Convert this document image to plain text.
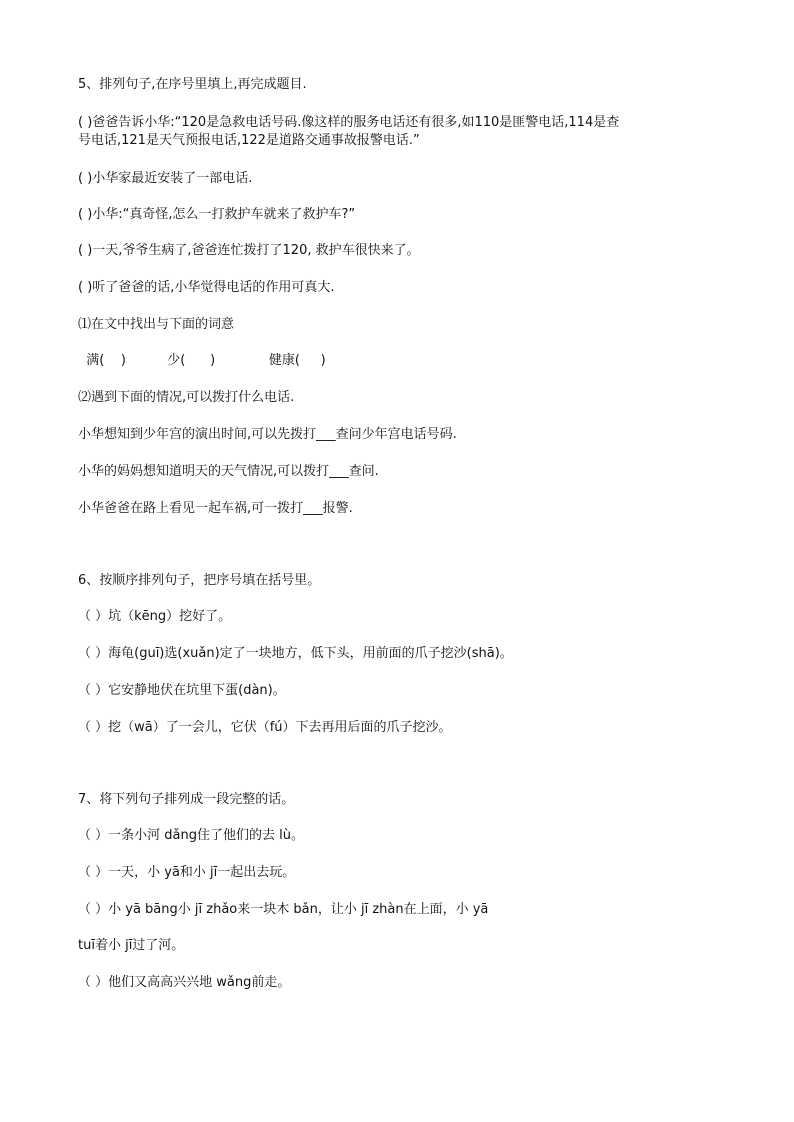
5、排列句子,在序号里填上,再完成题目.
( )爸爸告诉小华:“120是急救电话号码.像这样的服务电话还有很多,如110是匪警电话,114是查
号电话,121是天气预报电话,122是道路交通事故报警电话.”
( )小华家最近安装了一部电话.
( )小华:“真奇怪,怎么一打救护车就来了救护车?”
( )一天,爷爷生病了,爸爸连忙拨打了120, 救护车很快来了。
( )听了爸爸的话,小华觉得电话的作用可真大.
⑴在文中找出与下面的词意
满(    )          少(      )             健康(     )
⑵遇到下面的情况,可以拨打什么电话.
小华想知到少年宫的演出时间,可以先拨打___查问少年宫电话号码.
小华的妈妈想知道明天的天气情况,可以拨打___查问.
小华爸爸在路上看见一起车祸,可一拨打___报警.
6、按顺序排列句子，把序号填在括号里。
（ ）坑（kēng）挖好了。
（ ）海龟(guī)选(xuǎn)定了一块地方，低下头，用前面的爪子挖沙(shā)。
（ ）它安静地伏在坑里下蛋(dàn)。
（ ）挖（wā）了一会儿，它伏（fú）下去再用后面的爪子挖沙。
7、将下列句子排列成一段完整的话。
（ ）一条小河 dǎng住了他们的去 lù。
（ ）一天，小 yā和小 jī一起出去玩。
（ ）小 yā bāng小 jī zhǎo来一块木 bǎn，让小 jī zhàn在上面，小 yā
tuī着小 jī过了河。
（ ）他们又高高兴兴地 wǎng前走。
